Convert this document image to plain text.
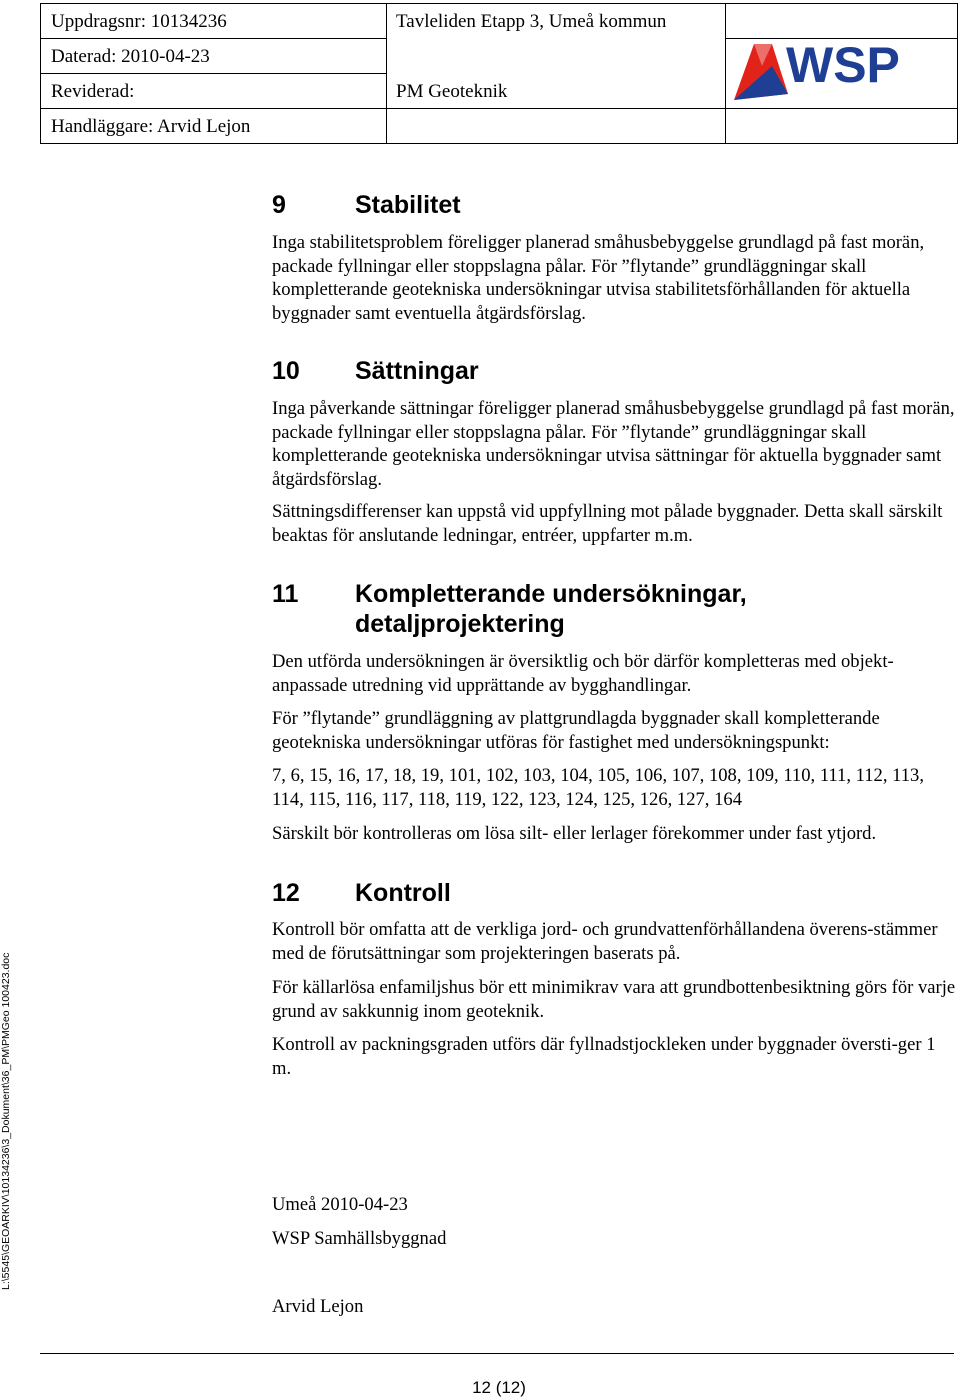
Uppdragsnr: 10134236	Tavleliden Etapp 3, Umeå kommun
Daterad: 2010-04-23
Reviderad:	PM Geoteknik
Handläggare: Arvid Lejon
WSP
9	Stabilitet

Inga stabilitetsproblem föreligger planerad småhusbebyggelse grundlagd på fast morän, packade fyllningar eller stoppslagna pålar. För ”flytande” grundläggningar skall kompletterande geotekniska undersökningar utvisa stabilitetsförhållanden för aktuella byggnader samt eventuella åtgärdsförslag.

10 Sättningar

Inga påverkande sättningar föreligger planerad småhusbebyggelse grundlagd på fast morän, packade fyllningar eller stoppslagna pålar. För ”flytande” grundläggningar skall kompletterande geotekniska undersökningar utvisa sättningar för aktuella byggnader samt åtgärdsförslag.

Sättningsdifferenser kan uppstå vid uppfyllning mot pålade byggnader. Detta skall särskilt beaktas för anslutande ledningar, entréer, uppfarter m.m.

11 Kompletterande undersökningar,
detaljprojektering

Den utförda undersökningen är översiktlig och bör därför kompletteras med objekt-anpassade utredning vid upprättande av bygghandlingar.

För ”flytande” grundläggning av plattgrundlagda byggnader skall kompletterande geotekniska undersökningar utföras för fastighet med undersökningspunkt:

7, 6, 15, 16, 17, 18, 19, 101, 102, 103, 104, 105, 106, 107, 108, 109, 110, 111, 112, 113, 114, 115, 116, 117, 118, 119, 122, 123, 124, 125, 126, 127, 164

Särskilt bör kontrolleras om lösa silt- eller lerlager förekommer under fast ytjord.

12 Kontroll

Kontroll bör omfatta att de verkliga jord- och grundvattenförhållandena överens-stämmer med de förutsättningar som projekteringen baserats på.

För källarlösa enfamiljshus bör ett minimikrav vara att grundbottenbesiktning görs för varje grund av sakkunnig inom geoteknik.

Kontroll av packningsgraden utförs där fyllnadstjockleken under byggnader översti-ger 1 m.

Umeå 2010-04-23

WSP Samhällsbyggnad

Arvid Lejon

L:\5545\GEOARKIV\10134236\3_Dokument\36_PM\PMGeo 100423.doc
12 (12)
